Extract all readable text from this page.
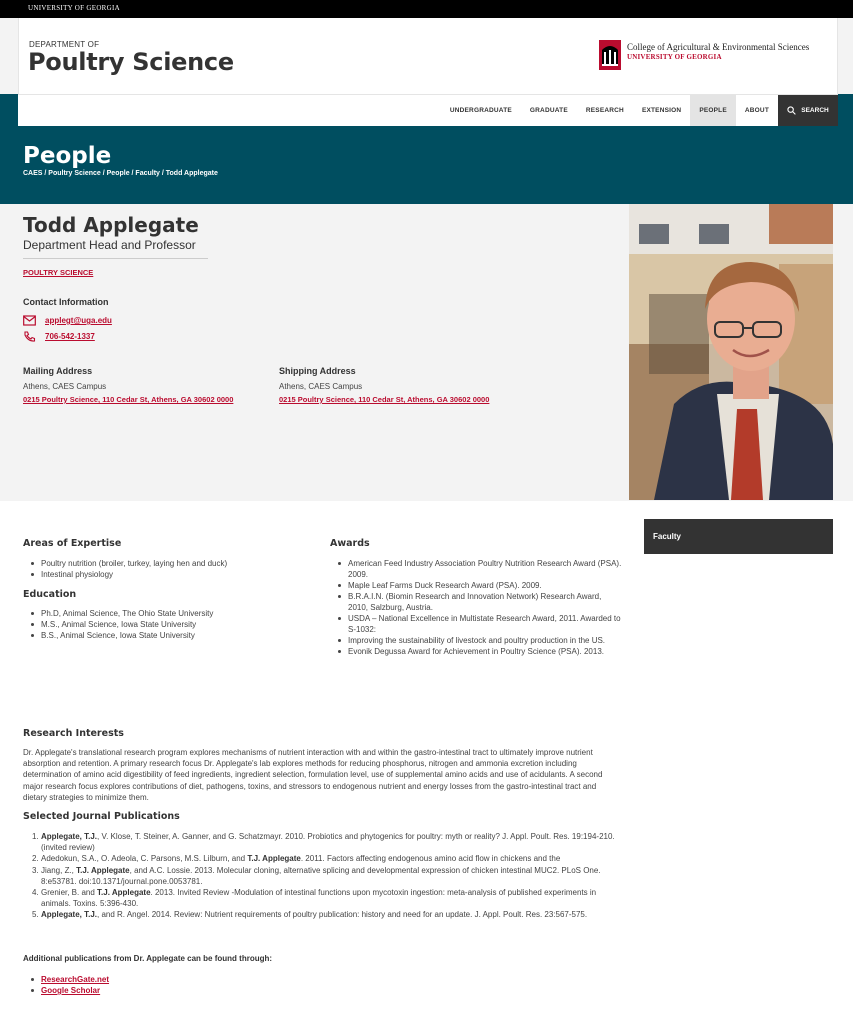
UNIVERSITY OF GEORGIA
DEPARTMENT OF
Poultry Science
College of Agricultural & Environmental Sciences
UNIVERSITY OF GEORGIA
UNDERGRADUATE	GRADUATE	RESEARCH	EXTENSION	PEOPLE	ABOUT	SEARCH
People
CAES / Poultry Science / People / Faculty / Todd Applegate
Todd Applegate
Department Head and Professor
POULTRY SCIENCE
Contact Information
applegt@uga.edu
706-542-1337
Mailing Address
Athens, CAES Campus
0215 Poultry Science, 110 Cedar St, Athens, GA 30602 0000
Shipping Address
Athens, CAES Campus
0215 Poultry Science, 110 Cedar St, Athens, GA 30602 0000
Areas of Expertise
Poultry nutrition (broiler, turkey, laying hen and duck)
Intestinal physiology
Education
Ph.D, Animal Science, The Ohio State University
M.S., Animal Science, Iowa State University
B.S., Animal Science, Iowa State University
Awards
American Feed Industry Association Poultry Nutrition Research Award (PSA). 2009.
Maple Leaf Farms Duck Research Award (PSA). 2009.
B.R.A.I.N. (Biomin Research and Innovation Network) Research Award, 2010, Salzburg, Austria.
USDA – National Excellence in Multistate Research Award, 2011. Awarded to S-1032:
Improving the sustainability of livestock and poultry production in the US.
Evonik Degussa Award for Achievement in Poultry Science (PSA). 2013.
Research Interests
Dr. Applegate's translational research program explores mechanisms of nutrient interaction with and within the gastro-intestinal tract to ultimately improve nutrient absorption and retention. A primary research focus Dr. Applegate's lab explores methods for reducing phosphorus, nitrogen and ammonia excretion including determination of amino acid digestibility of feed ingredients, ingredient selection, formulation level, use of supplemental amino acids and use of acidulants. A second major research focus explores contributions of diet, pathogens, toxins, and stressors to endogenous nutrient and energy losses from the gastro-intestinal tract and dietary strategies to minimize them.
Selected Journal Publications
1. Applegate, T.J., V. Klose, T. Steiner, A. Ganner, and G. Schatzmayr. 2010. Probiotics and phytogenics for poultry: myth or reality? J. Appl. Poult. Res. 19:194-210. (invited review)
2. Adedokun, S.A., O. Adeola, C. Parsons, M.S. Lilburn, and T.J. Applegate. 2011. Factors affecting endogenous amino acid flow in chickens and the
3. Jiang, Z., T.J. Applegate, and A.C. Lossie. 2013. Molecular cloning, alternative splicing and developmental expression of chicken intestinal MUC2. PLoS One. 8:e53781. doi:10.1371/journal.pone.0053781.
4. Grenier, B. and T.J. Applegate. 2013. Invited Review -Modulation of intestinal functions upon mycotoxin ingestion: meta-analysis of published experiments in animals. Toxins. 5:396-430.
5. Applegate, T.J., and R. Angel. 2014. Review: Nutrient requirements of poultry publication: history and need for an update. J. Appl. Poult. Res. 23:567-575.
Additional publications from Dr. Applegate can be found through:
ResearchGate.net
Google Scholar
Faculty
